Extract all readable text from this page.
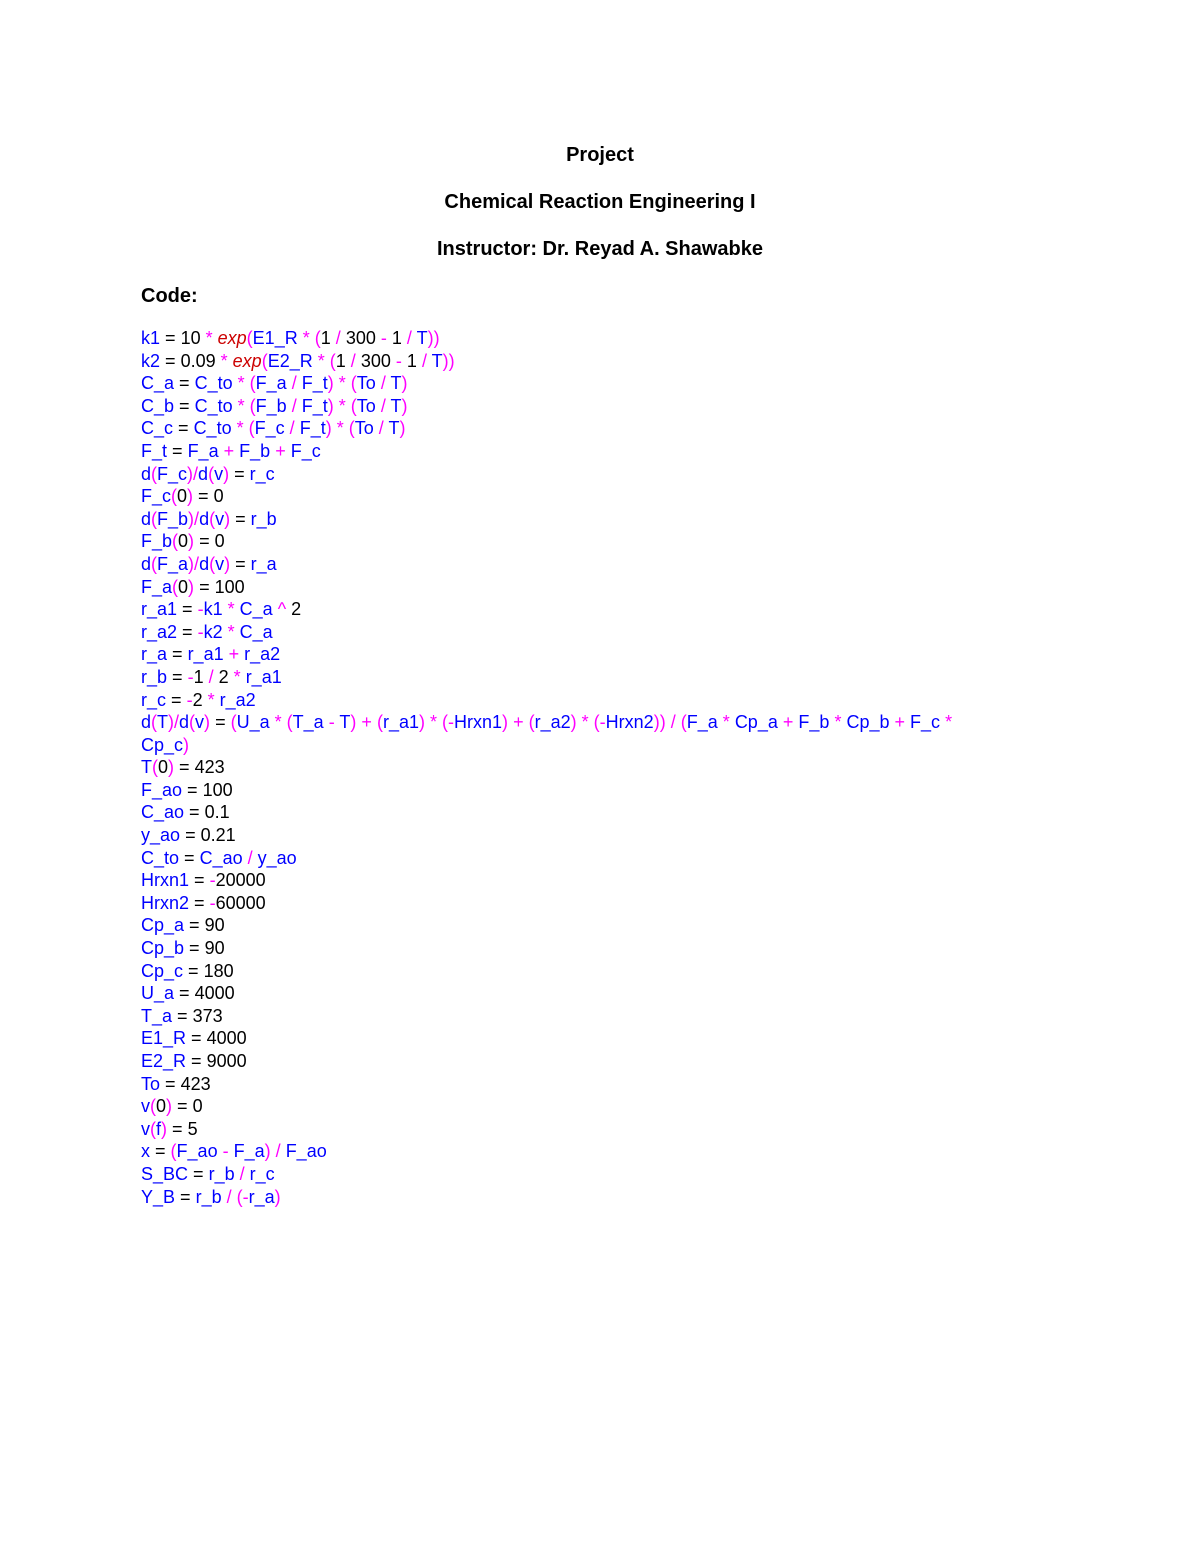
Project
Chemical Reaction Engineering I
Instructor: Dr. Reyad A. Shawabke
Code:
k1 = 10 * exp(E1_R * (1 / 300 - 1 / T))
k2 = 0.09 * exp(E2_R * (1 / 300 - 1 / T))
C_a = C_to * (F_a / F_t) * (To / T)
C_b = C_to * (F_b / F_t) * (To / T)
C_c = C_to * (F_c / F_t) * (To / T)
F_t = F_a + F_b + F_c
d(F_c)/d(v) = r_c
F_c(0) = 0
d(F_b)/d(v) = r_b
F_b(0) = 0
d(F_a)/d(v) = r_a
F_a(0) = 100
r_a1 = -k1 * C_a ^ 2
r_a2 = -k2 * C_a
r_a = r_a1 + r_a2
r_b = -1 / 2 * r_a1
r_c = -2 * r_a2
d(T)/d(v) = (U_a * (T_a - T) + (r_a1) * (-Hrxn1) + (r_a2) * (-Hrxn2)) / (F_a * Cp_a + F_b * Cp_b + F_c *
Cp_c)
T(0) = 423
F_ao = 100
C_ao = 0.1
y_ao = 0.21
C_to = C_ao / y_ao
Hrxn1 = -20000
Hrxn2 = -60000
Cp_a = 90
Cp_b = 90
Cp_c = 180
U_a = 4000
T_a = 373
E1_R = 4000
E2_R = 9000
To = 423
v(0) = 0
v(f) = 5
x = (F_ao - F_a) / F_ao
S_BC = r_b / r_c
Y_B = r_b / (-r_a)
